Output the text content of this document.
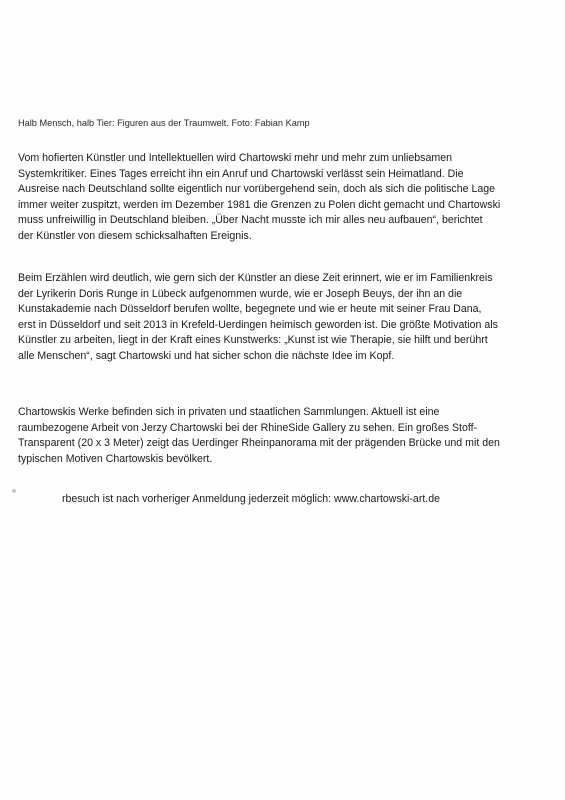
Halb Mensch, halb Tier: Figuren aus der Traumwelt. Foto: Fabian Kamp

Vom hofierten Künstler und Intellektuellen wird Chartowski mehr und mehr zum unliebsamen
Systemkritiker. Eines Tages erreicht ihn ein Anruf und Chartowski verlässt sein Heimatland. Die
Ausreise nach Deutschland sollte eigentlich nur vorübergehend sein, doch als sich die politische Lage
immer weiter zuspitzt, werden im Dezember 1981 die Grenzen zu Polen dicht gemacht und Chartowski
muss unfreiwillig in Deutschland bleiben. „Über Nacht musste ich mir alles neu aufbauen“, berichtet
der Künstler von diesem schicksalhaften Ereignis.

Beim Erzählen wird deutlich, wie gern sich der Künstler an diese Zeit erinnert, wie er im Familienkreis
der Lyrikerin Doris Runge in Lübeck aufgenommen wurde, wie er Joseph Beuys, der ihn an die
Kunstakademie nach Düsseldorf berufen wollte, begegnete und wie er heute mit seiner Frau Dana,
erst in Düsseldorf und seit 2013 in Krefeld-Uerdingen heimisch geworden ist. Die größte Motivation als
Künstler zu arbeiten, liegt in der Kraft eines Kunstwerks: „Kunst ist wie Therapie, sie hilft und berührt
alle Menschen“, sagt Chartowski und hat sicher schon die nächste Idee im Kopf.

Chartowskis Werke befinden sich in privaten und staatlichen Sammlungen. Aktuell ist eine
raumbezogene Arbeit von Jerzy Chartowski bei der RhineSide Gallery zu sehen. Ein großes Stoff-
Transparent (20 x 3 Meter) zeigt das Uerdinger Rheinpanorama mit der prägenden Brücke und mit den
typischen Motiven Chartowskis bevölkert.

rbesuch ist nach vorheriger Anmeldung jederzeit möglich: www.chartowski-art.de
